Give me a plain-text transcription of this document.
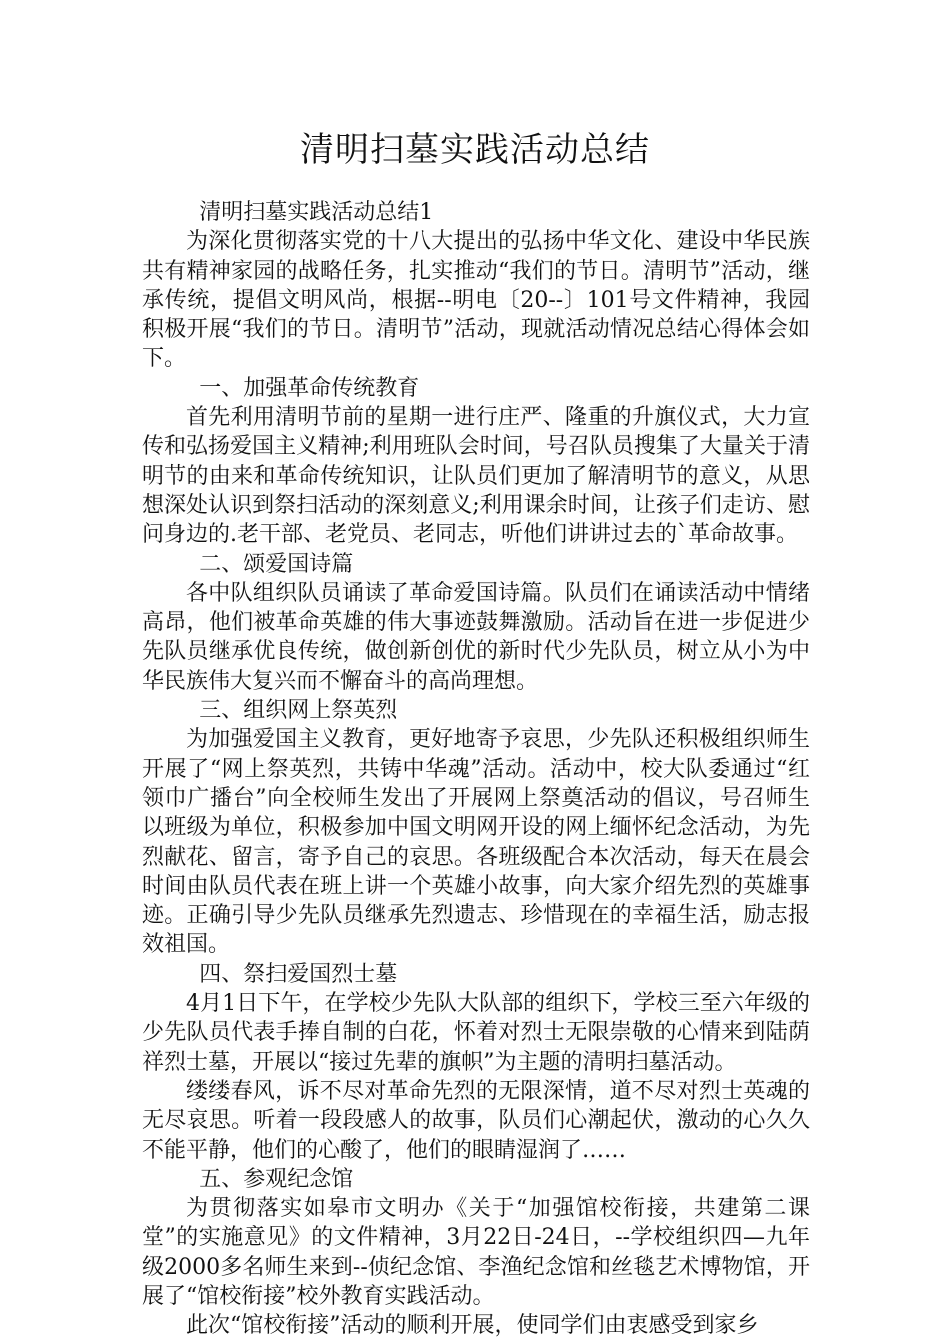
清明扫墓实践活动总结

清明扫墓实践活动总结1

为深化贯彻落实党的十八大提出的弘扬中华文化、建设中华民族共有精神家园的战略任务，扎实推动“我们的节日。清明节”活动，继承传统，提倡文明风尚，根据--明电〔20--〕101号文件精神，我园积极开展“我们的节日。清明节”活动，现就活动情况总结心得体会如下。

一、加强革命传统教育

首先利用清明节前的星期一进行庄严、隆重的升旗仪式，大力宣传和弘扬爱国主义精神;利用班队会时间，号召队员搜集了大量关于清明节的由来和革命传统知识，让队员们更加了解清明节的意义，从思想深处认识到祭扫活动的深刻意义;利用课余时间，让孩子们走访、慰问身边的.老干部、老党员、老同志，听他们讲讲过去的`革命故事。

二、颂爱国诗篇

各中队组织队员诵读了革命爱国诗篇。队员们在诵读活动中情绪高昂，他们被革命英雄的伟大事迹鼓舞激励。活动旨在进一步促进少先队员继承优良传统，做创新创优的新时代少先队员，树立从小为中华民族伟大复兴而不懈奋斗的高尚理想。

三、组织网上祭英烈

为加强爱国主义教育，更好地寄予哀思，少先队还积极组织师生开展了“网上祭英烈，共铸中华魂”活动。活动中，校大队委通过“红领巾广播台”向全校师生发出了开展网上祭奠活动的倡议，号召师生以班级为单位，积极参加中国文明网开设的网上缅怀纪念活动，为先烈献花、留言，寄予自己的哀思。各班级配合本次活动，每天在晨会时间由队员代表在班上讲一个英雄小故事，向大家介绍先烈的英雄事迹。正确引导少先队员继承先烈遗志、珍惜现在的幸福生活，励志报效祖国。

四、祭扫爱国烈士墓

4月1日下午，在学校少先队大队部的组织下，学校三至六年级的少先队员代表手捧自制的白花，怀着对烈士无限崇敬的心情来到陆荫祥烈士墓，开展以“接过先辈的旗帜”为主题的清明扫墓活动。

缕缕春风，诉不尽对革命先烈的无限深情，道不尽对烈士英魂的无尽哀思。听着一段段感人的故事，队员们心潮起伏，激动的心久久不能平静，他们的心酸了，他们的眼睛湿润了……

五、参观纪念馆

为贯彻落实如皋市文明办《关于“加强馆校衔接，共建第二课堂”的实施意见》的文件精神，3月22日-24日，--学校组织四—九年级2000多名师生来到--侦纪念馆、李渔纪念馆和丝毯艺术博物馆，开展了“馆校衔接”校外教育实践活动。

此次“馆校衔接”活动的顺利开展，使同学们由衷感受到家乡
